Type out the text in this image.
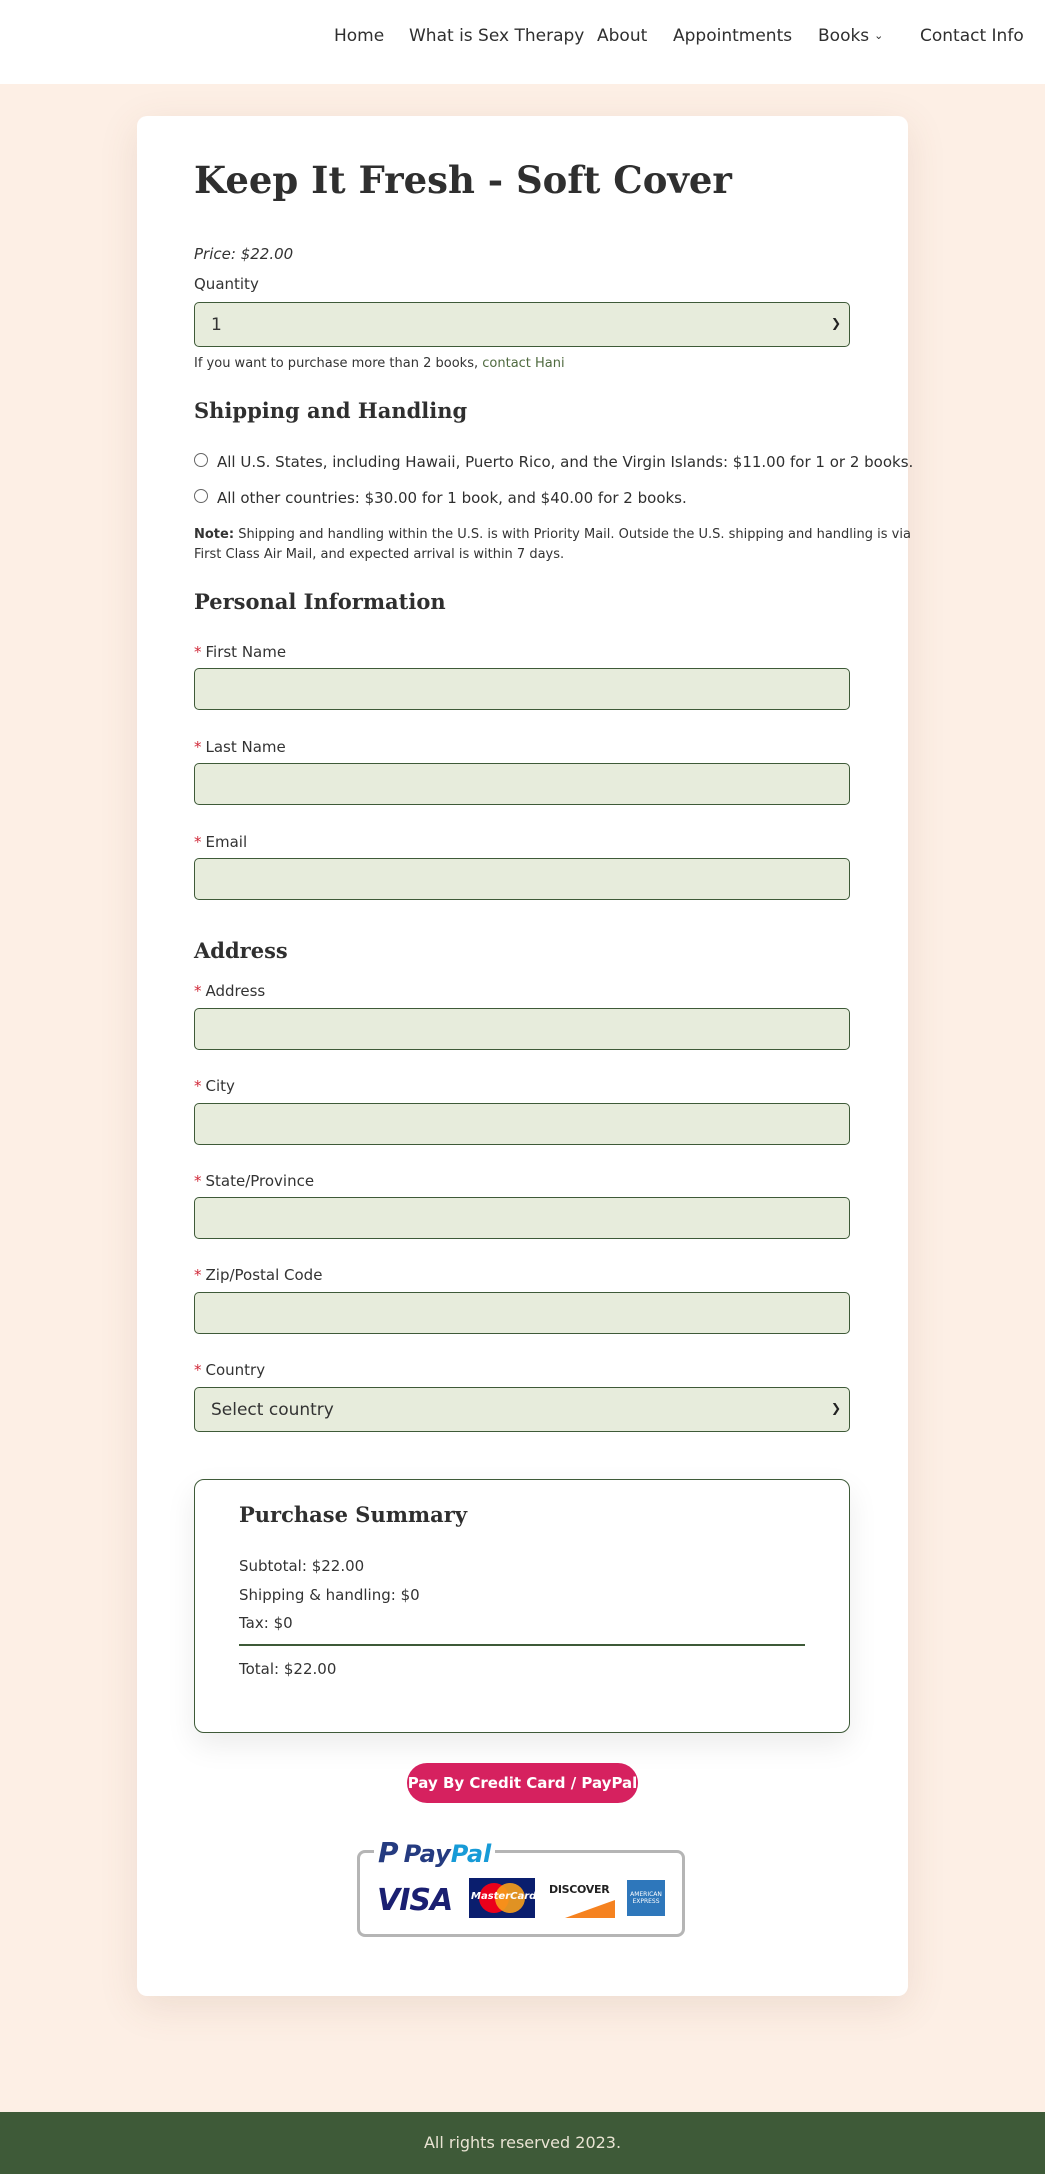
Home What is Sex Therapy About Appointments Books ⌄ Contact Info
Keep It Fresh - Soft Cover
Price: $22.00
Quantity
1	❯
If you want to purchase more than 2 books, contact Hani
Shipping and Handling
All U.S. States, including Hawaii, Puerto Rico, and the Virgin Islands: $11.00 for 1 or 2 books.
All other countries: $30.00 for 1 book, and $40.00 for 2 books.
Note: Shipping and handling within the U.S. is with Priority Mail. Outside the U.S. shipping and handling is via
First Class Air Mail, and expected arrival is within 7 days.
Personal Information
* First Name
* Last Name
* Email
Address
* Address
* City
* State/Province
* Zip/Postal Code
* Country
Select country	❯
Purchase Summary
Subtotal: $22.00
Shipping & handling: $0
Tax: $0
Total: $22.00
Pay By Credit Card / PayPal
P PayPal
VISA MasterCard
DISCOVER	AMERICAN EXPRESS
All rights reserved 2023.
